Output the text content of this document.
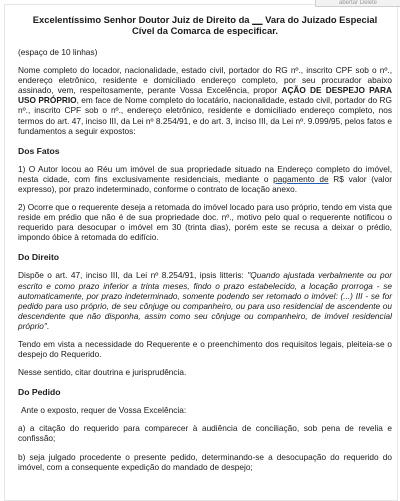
abertar Delete
Excelentíssimo Senhor Doutor Juiz de Direito da __ Vara do Juizado Especial Cível da Comarca de especificar.

(espaço de 10 linhas)

Nome completo do locador, nacionalidade, estado civil, portador do RG nº., inscrito CPF sob o nº., endereço eletrônico, residente e domiciliado endereço completo, por seu procurador abaixo assinado, vem, respeitosamente, perante Vossa Excelência, propor AÇÃO DE DESPEJO PARA USO PRÓPRIO, em face de Nome completo do locatário, nacionalidade, estado civil, portador do RG nº., inscrito CPF sob o nº., endereço eletrônico, residente e domiciliado endereço completo, nos termos do art. 47, inciso III, da Lei nº 8.254/91, e do art. 3, inciso III, da Lei nº. 9.099/95, pelos fatos e fundamentos a seguir expostos:

Dos Fatos

1) O Autor locou ao Réu um imóvel de sua propriedade situado na Endereço completo do imóvel, nesta cidade, com fins exclusivamente residenciais, mediante o pagamento de R$ valor (valor expresso), por prazo indeterminado, conforme o contrato de locação anexo.

2) Ocorre que o requerente deseja a retomada do imóvel locado para uso próprio, tendo em vista que reside em prédio que não é de sua propriedade doc. nº., motivo pelo qual o requerente notificou o requerido para desocupar o imóvel em 30 (trinta dias), porém este se recusa a deixar o prédio, impondo óbice à retomada do edifício.

Do Direito

Dispõe o art. 47, inciso III, da Lei nº 8.254/91, ipsis litteris: "Quando ajustada verbalmente ou por escrito e como prazo inferior a trinta meses, findo o prazo estabelecido, a locação prorroga - se automaticamente, por prazo indeterminado, somente podendo ser retomado o imóvel: (...) III - se for pedido para uso próprio, de seu cônjuge ou companheiro, ou para uso residencial de ascendente ou descendente que não disponha, assim como seu cônjuge ou companheiro, de imóvel residencial próprio".

Tendo em vista a necessidade do Requerente e o preenchimento dos requisitos legais, pleiteia-se o despejo do Requerido.

Nesse sentido, citar doutrina e jurisprudência.

Do Pedido

Ante o exposto, requer de Vossa Excelência:

a) a citação do requerido para comparecer à audiência de conciliação, sob pena de revelia e confissão;

b) seja julgado procedente o presente pedido, determinando-se a desocupação do requerido do imóvel, com a consequente expedição do mandado de despejo;
